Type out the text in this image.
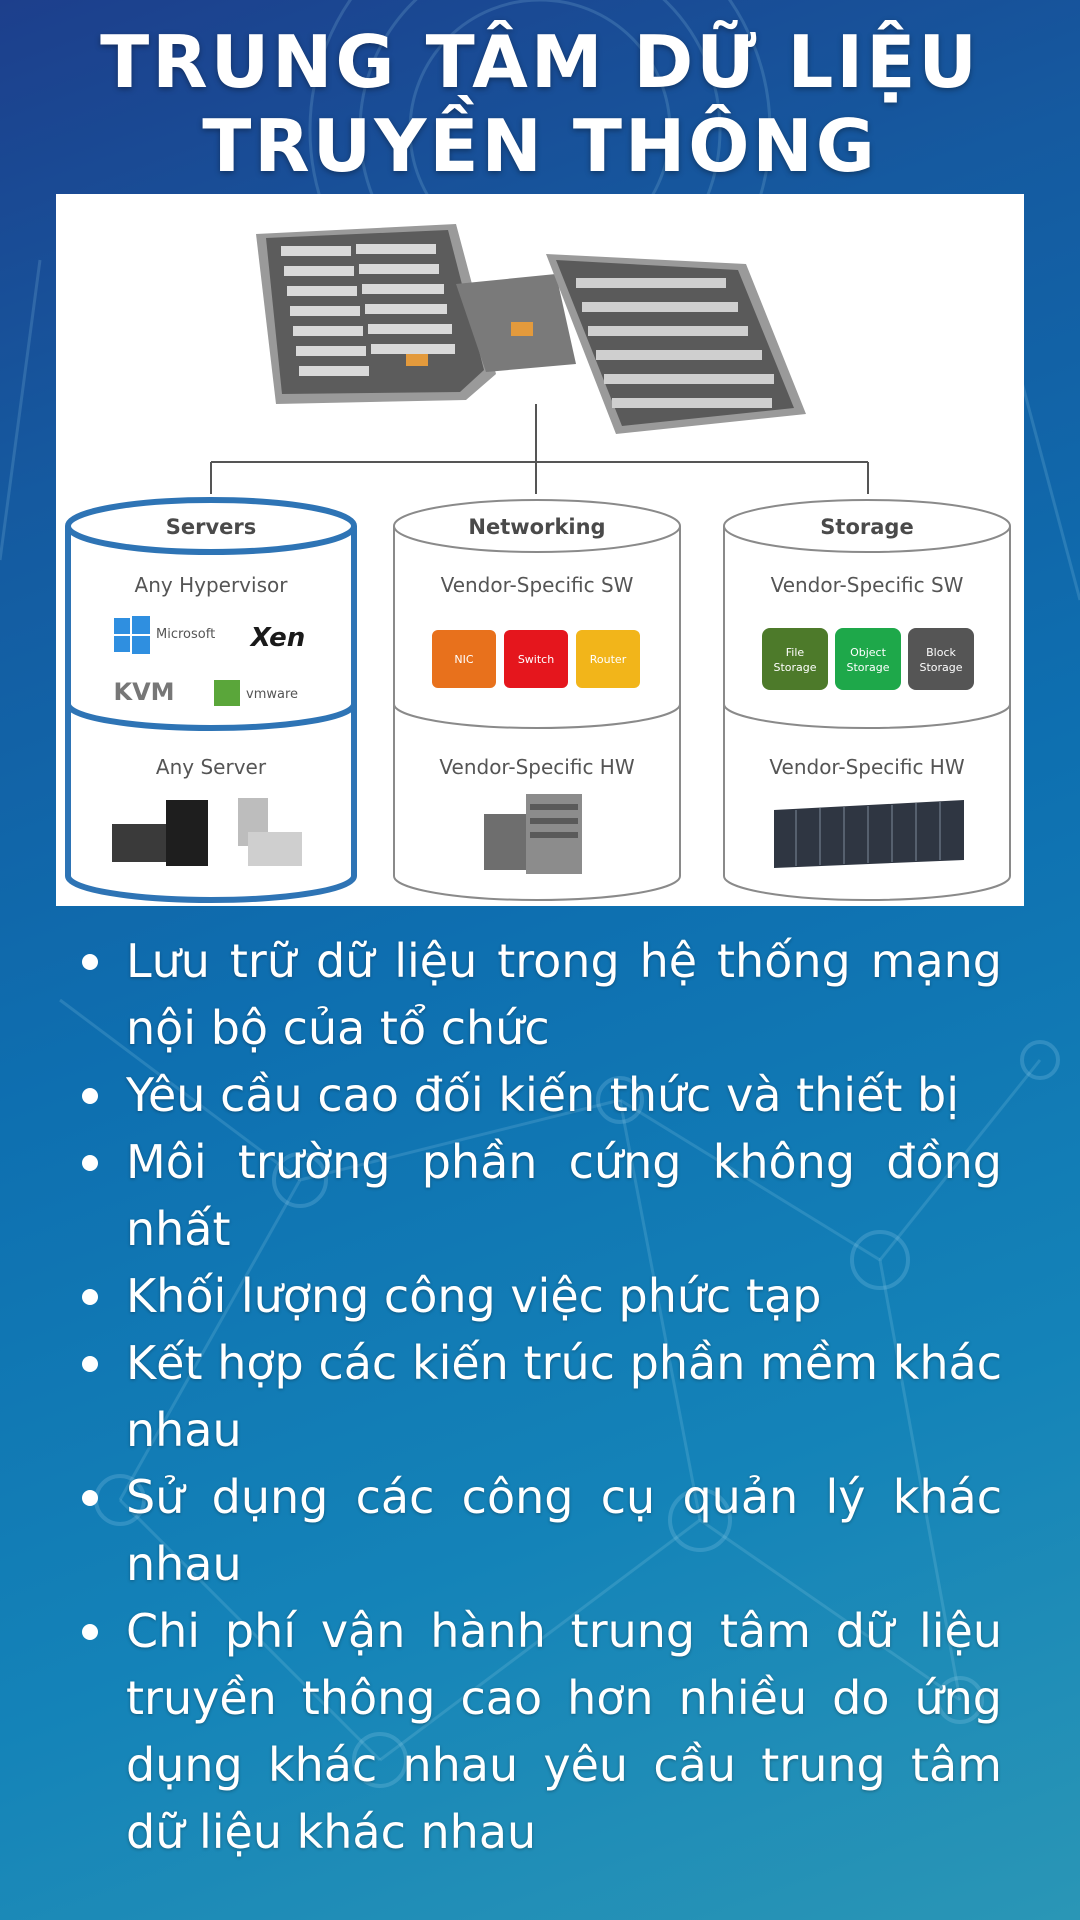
TRUNG TÂM DỮ LIỆU
TRUYỀN THÔNG
Servers
Any Hypervisor
Microsoft Xen
KVM	vmware
Any Server
Networking
Vendor-Specific SW
NIC	Switch	Router
Vendor-Specific HW
Storage
Vendor-Specific SW
File
Storage
Object
Storage
Block
Storage
Vendor-Specific HW
Lưu trữ dữ liệu trong hệ thống mạng nội bộ của tổ chức
Yêu cầu cao đối kiến thức và thiết bị
Môi trường phần cứng không đồng nhất
Khối lượng công việc phức tạp
Kết hợp các kiến trúc phần mềm khác nhau
Sử dụng các công cụ quản lý khác nhau
Chi phí vận hành trung tâm dữ liệu truyền thông cao hơn nhiều do ứng dụng khác nhau yêu cầu trung tâm dữ liệu khác nhau
